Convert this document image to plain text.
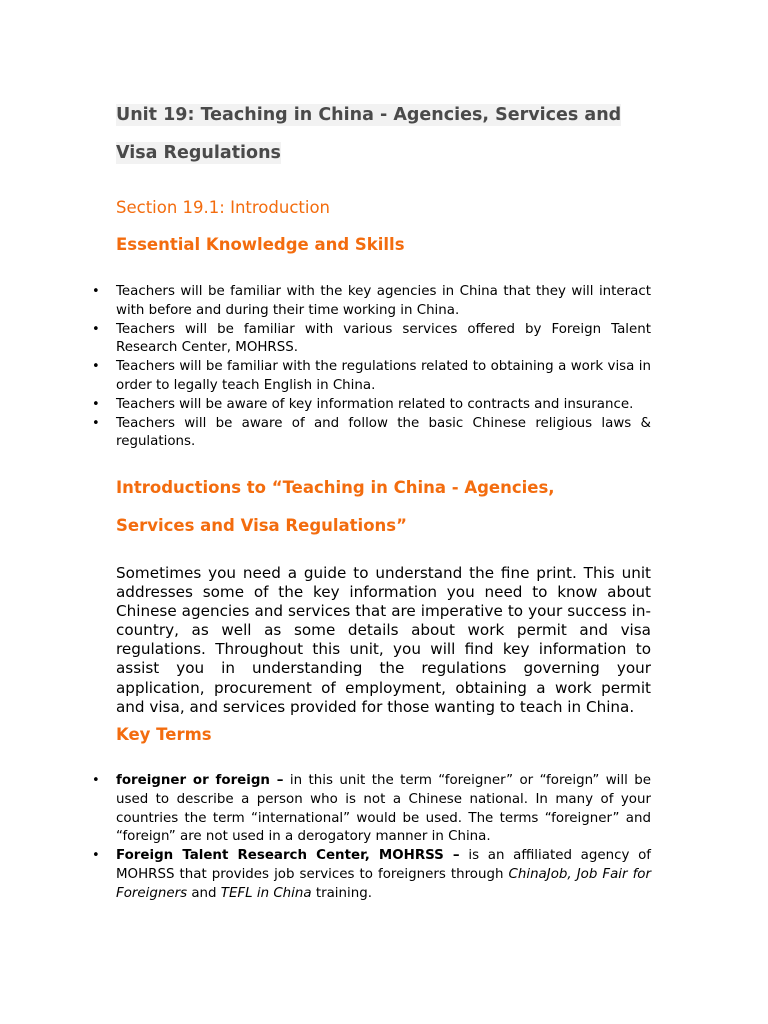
Unit 19: Teaching in China - Agencies, Services and Visa Regulations
Section 19.1: Introduction
Essential Knowledge and Skills
• Teachers will be familiar with the key agencies in China that they will interact with before and during their time working in China.
• Teachers will be familiar with various services offered by Foreign Talent Research Center, MOHRSS.
• Teachers will be familiar with the regulations related to obtaining a work visa in order to legally teach English in China.
• Teachers will be aware of key information related to contracts and insurance.
• Teachers will be aware of and follow the basic Chinese religious laws & regulations.
Introductions to “Teaching in China - Agencies,
Services and Visa Regulations”

Sometimes you need a guide to understand the fine print. This unit addresses some of the key information you need to know about Chinese agencies and services that are imperative to your success in-country, as well as some details about work permit and visa regulations. Throughout this unit, you will find key information to assist you in understanding the regulations governing your application, procurement of employment, obtaining a work permit and visa, and services provided for those wanting to teach in China.

Key Terms
• foreigner or foreign – in this unit the term “foreigner” or “foreign” will be used to describe a person who is not a Chinese national. In many of your countries the term “international” would be used. The terms “foreigner” and “foreign” are not used in a derogatory manner in China.
• Foreign Talent Research Center, MOHRSS – is an affiliated agency of MOHRSS that provides job services to foreigners through ChinaJob, Job Fair for Foreigners and TEFL in China training.
